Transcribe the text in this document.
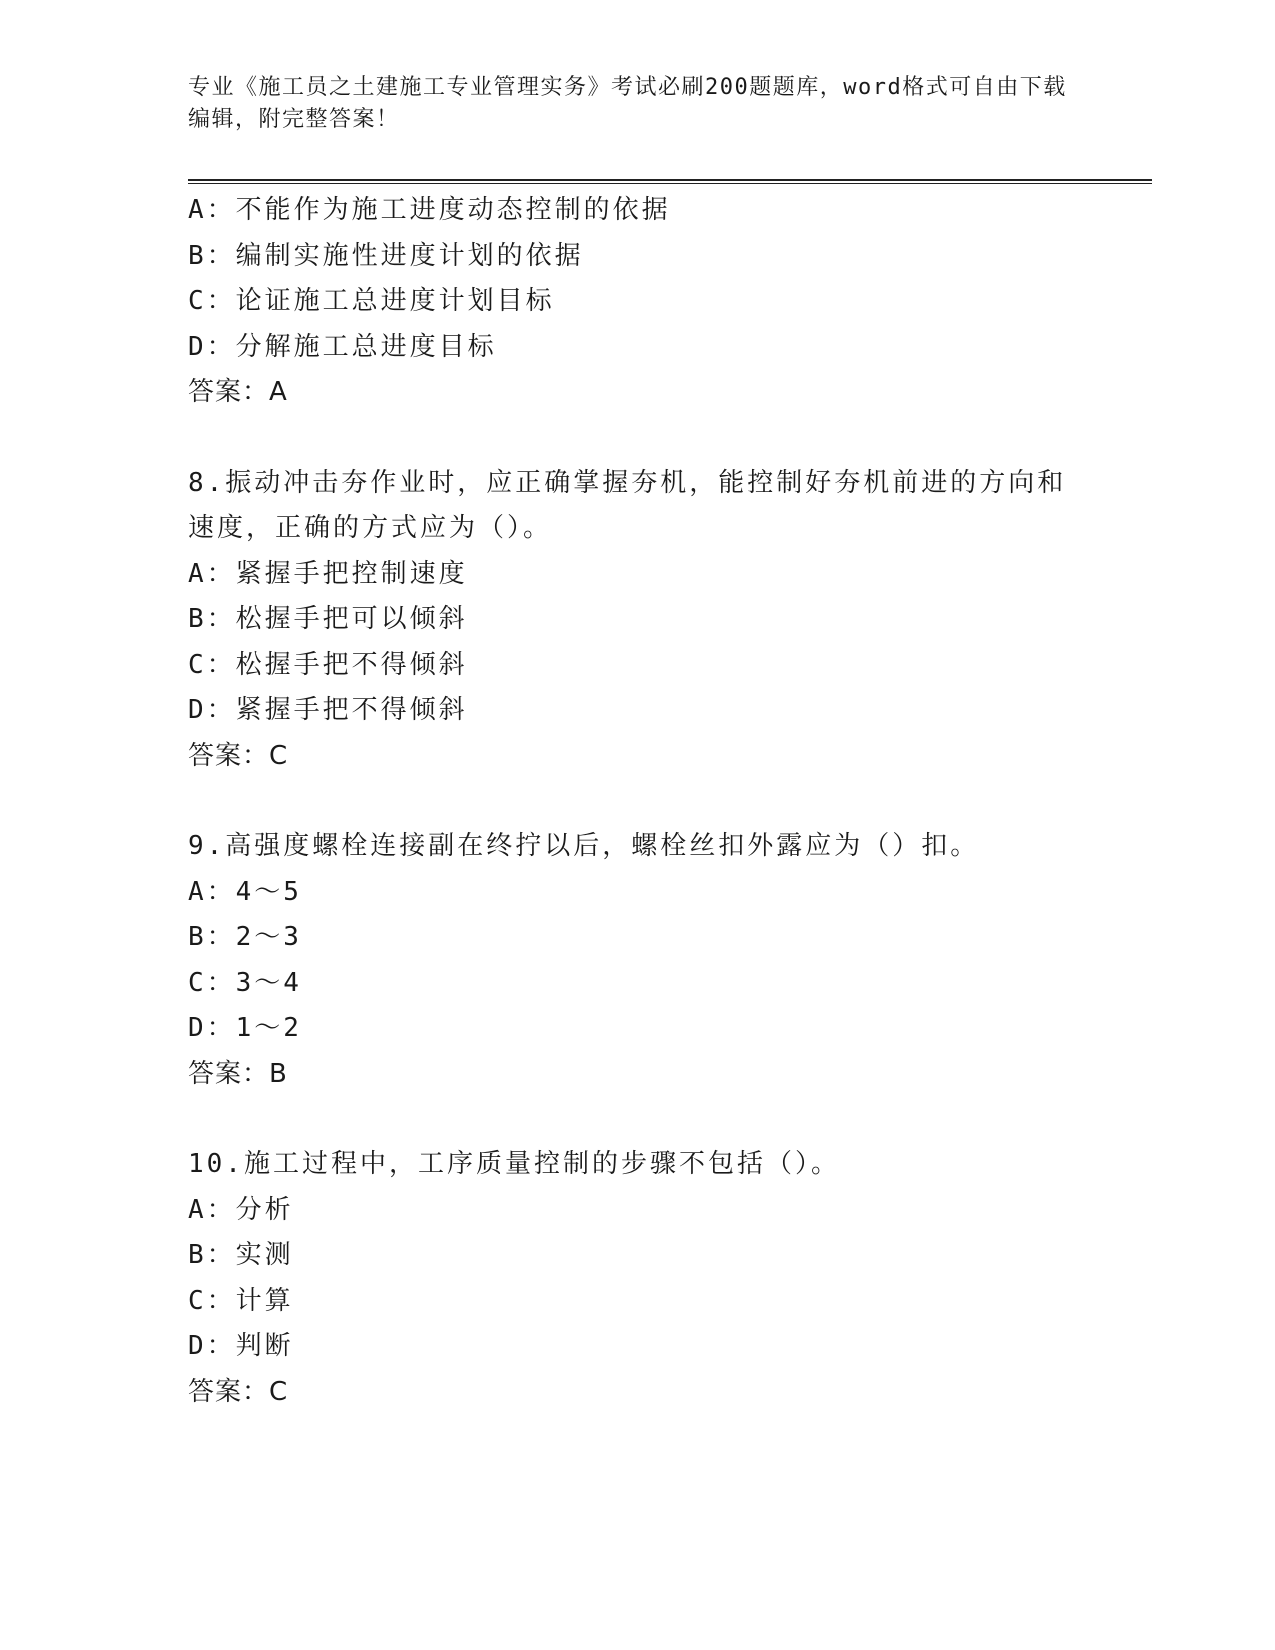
专业《施工员之土建施工专业管理实务》考试必刷200题题库，word格式可自由下载编辑，附完整答案！
A：不能作为施工进度动态控制的依据
B：编制实施性进度计划的依据
C：论证施工总进度计划目标
D：分解施工总进度目标
答案：A
8.振动冲击夯作业时，应正确掌握夯机，能控制好夯机前进的方向和速度，正确的方式应为（）。
A：紧握手把控制速度
B：松握手把可以倾斜
C：松握手把不得倾斜
D：紧握手把不得倾斜
答案：C
9.高强度螺栓连接副在终拧以后，螺栓丝扣外露应为（）扣。
A：4～5
B：2～3
C：3～4
D：1～2
答案：B
10.施工过程中，工序质量控制的步骤不包括（）。
A：分析
B：实测
C：计算
D：判断
答案：C
